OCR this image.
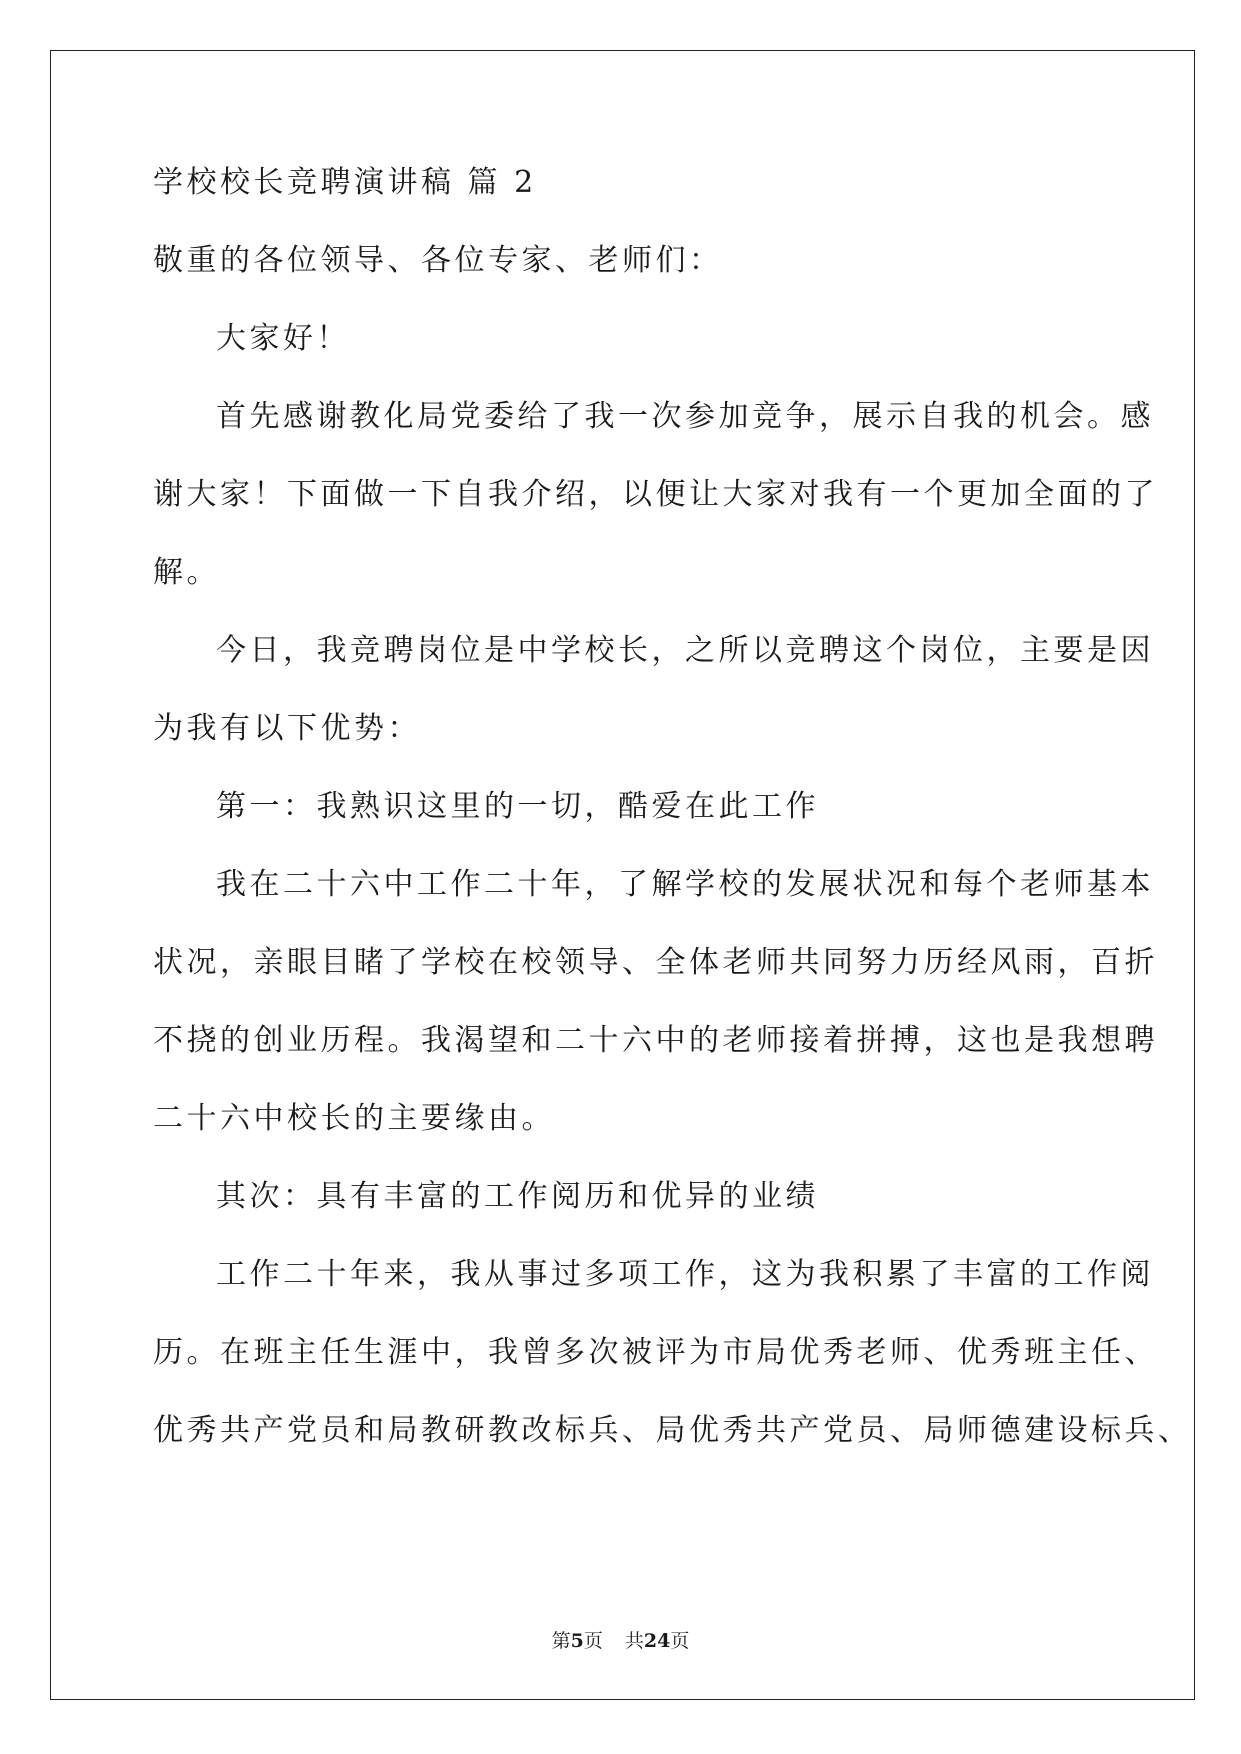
学校校长竞聘演讲稿 篇 2
敬重的各位领导、各位专家、老师们：
大家好！
首先感谢教化局党委给了我一次参加竞争，展示自我的机会。感
谢大家！下面做一下自我介绍，以便让大家对我有一个更加全面的了
解。
今日，我竞聘岗位是中学校长，之所以竞聘这个岗位，主要是因
为我有以下优势：
第一：我熟识这里的一切，酷爱在此工作
我在二十六中工作二十年，了解学校的发展状况和每个老师基本
状况，亲眼目睹了学校在校领导、全体老师共同努力历经风雨，百折
不挠的创业历程。我渴望和二十六中的老师接着拼搏，这也是我想聘
二十六中校长的主要缘由。
其次：具有丰富的工作阅历和优异的业绩
工作二十年来，我从事过多项工作，这为我积累了丰富的工作阅
历。在班主任生涯中，我曾多次被评为市局优秀老师、优秀班主任、
优秀共产党员和局教研教改标兵、局优秀共产党员、局师德建设标兵、
第5页 共24页
